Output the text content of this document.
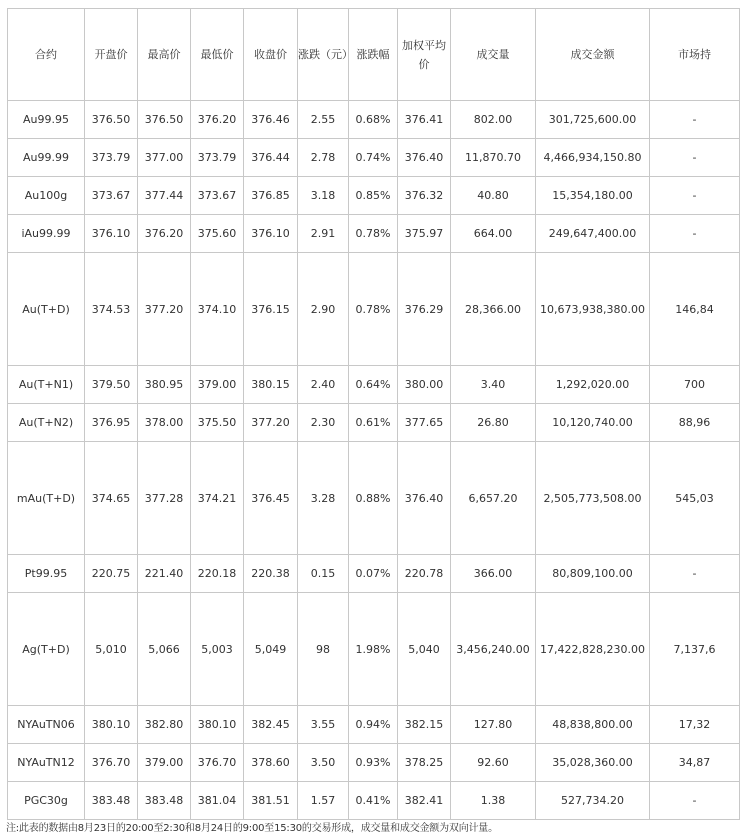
合约	开盘价	最高价	最低价	收盘价	涨跌（元）	涨跌幅	加权平均价	成交量	成交金额	市场持
Au99.95	376.50	376.50	376.20	376.46	2.55	0.68%	376.41	802.00	301,725,600.00	-
Au99.99	373.79	377.00	373.79	376.44	2.78	0.74%	376.40	11,870.70	4,466,934,150.80	-
Au100g	373.67	377.44	373.67	376.85	3.18	0.85%	376.32	40.80	15,354,180.00	-
iAu99.99	376.10	376.20	375.60	376.10	2.91	0.78%	375.97	664.00	249,647,400.00	-
Au(T+D)	374.53	377.20	374.10	376.15	2.90	0.78%	376.29	28,366.00	10,673,938,380.00	146,84
Au(T+N1)	379.50	380.95	379.00	380.15	2.40	0.64%	380.00	3.40	1,292,020.00	700
Au(T+N2)	376.95	378.00	375.50	377.20	2.30	0.61%	377.65	26.80	10,120,740.00	88,96
mAu(T+D)	374.65	377.28	374.21	376.45	3.28	0.88%	376.40	6,657.20	2,505,773,508.00	545,03
Pt99.95	220.75	221.40	220.18	220.38	0.15	0.07%	220.78	366.00	80,809,100.00	-
Ag(T+D)	5,010	5,066	5,003	5,049	98	1.98%	5,040	3,456,240.00	17,422,828,230.00	7,137,6
NYAuTN06	380.10	382.80	380.10	382.45	3.55	0.94%	382.15	127.80	48,838,800.00	17,32
NYAuTN12	376.70	379.00	376.70	378.60	3.50	0.93%	378.25	92.60	35,028,360.00	34,87
PGC30g	383.48	383.48	381.04	381.51	1.57	0.41%	382.41	1.38	527,734.20	-
注:此表的数据由8月23日的20:00至2:30和8月24日的9:00至15:30的交易形成，成交量和成交金额为双向计量。
